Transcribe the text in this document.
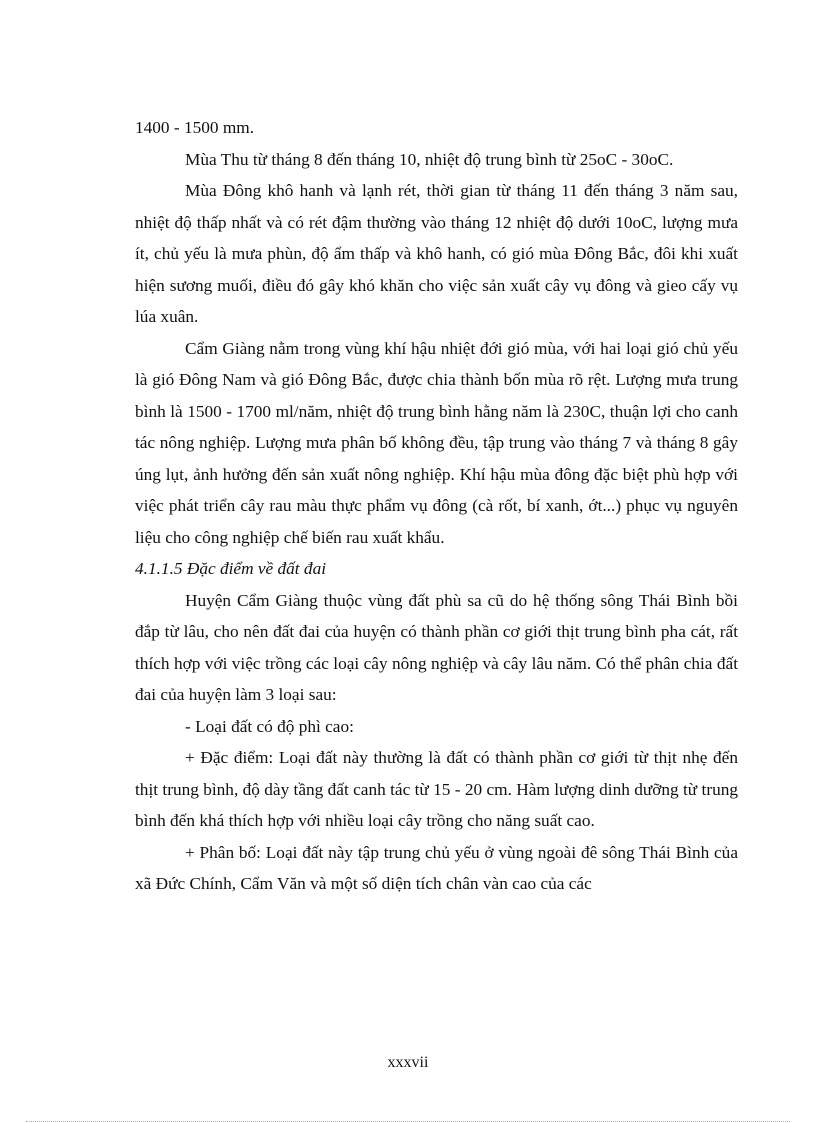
1400 - 1500 mm.

Mùa Thu từ tháng 8 đến tháng 10, nhiệt độ trung bình từ 25oC - 30oC.

Mùa Đông khô hanh và lạnh rét, thời gian từ tháng 11 đến tháng 3 năm sau, nhiệt độ thấp nhất và có rét đậm thường vào tháng 12 nhiệt độ dưới 10oC, lượng mưa ít, chủ yếu là mưa phùn, độ ẩm thấp và khô hanh, có gió mùa Đông Bắc, đôi khi xuất hiện sương muối, điều đó gây khó khăn cho việc sản xuất cây vụ đông và gieo cấy vụ lúa xuân.

Cẩm Giàng nằm trong vùng khí hậu nhiệt đới gió mùa, với hai loại gió chủ yếu là gió Đông Nam và gió Đông Bắc, được chia thành bốn mùa rõ rệt. Lượng mưa trung bình là 1500 - 1700 ml/năm, nhiệt độ trung bình hằng năm là 230C, thuận lợi cho canh tác nông nghiệp. Lượng mưa phân bố không đều, tập trung vào tháng 7 và tháng 8 gây úng lụt, ảnh hưởng đến sản xuất nông nghiệp. Khí hậu mùa đông đặc biệt phù hợp với việc phát triển cây rau màu thực phẩm vụ đông (cà rốt, bí xanh, ớt...) phục vụ nguyên liệu cho công nghiệp chế biến rau xuất khẩu.

4.1.1.5 Đặc điểm về đất đai

Huyện Cẩm Giàng thuộc vùng đất phù sa cũ do hệ thống sông Thái Bình bồi đắp từ lâu, cho nên đất đai của huyện có thành phần cơ giới thịt trung bình pha cát, rất thích hợp với việc trồng các loại cây nông nghiệp và cây lâu năm. Có thể phân chia đất đai của huyện làm 3 loại sau:

- Loại đất có độ phì cao:

+ Đặc điểm: Loại đất này thường là đất có thành phần cơ giới từ thịt nhẹ đến thịt trung bình, độ dày tầng đất canh tác từ 15 - 20 cm. Hàm lượng dinh dưỡng từ trung bình đến khá thích hợp với nhiều loại cây trồng cho năng suất cao.

+ Phân bố: Loại đất này tập trung chủ yếu ở vùng ngoài đê sông Thái Bình của xã Đức Chính, Cẩm Văn và một số diện tích chân vàn cao của các

xxxvii
